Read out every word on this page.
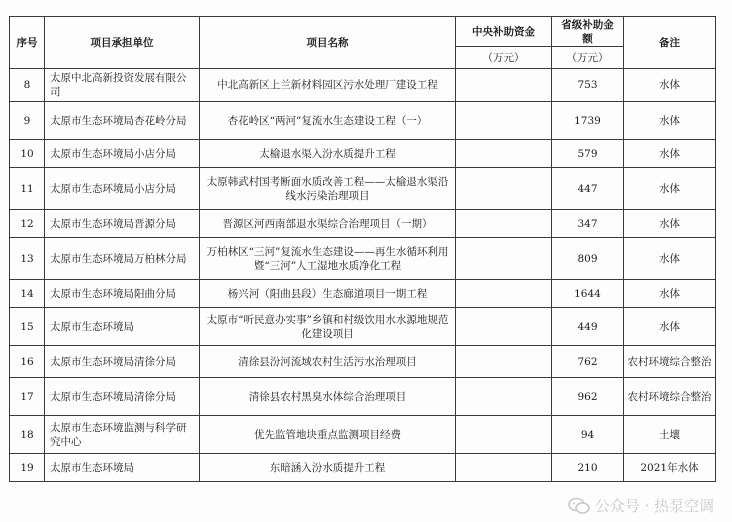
序号	项目承担单位	项目名称	中央补助资金	省级补助金额	备注
			（万元）	（万元）	
8	太原中北高新投资发展有限公司	中北高新区上兰新材料园区污水处理厂建设工程		753	水体
9	太原市生态环境局杏花岭分局	杏花岭区“两河”复流水生态建设工程（一）		1739	水体
10	太原市生态环境局小店分局	太榆退水渠入汾水质提升工程		579	水体
11	太原市生态环境局小店分局	太原韩武村国考断面水质改善工程——太榆退水渠沿线水污染治理项目		447	水体
12	太原市生态环境局晋源分局	晋源区河西南部退水渠综合治理项目（一期）		347	水体
13	太原市生态环境局万柏林分局	万柏林区“三河”复流水生态建设——再生水循环利用暨“三河”人工湿地水质净化工程		809	水体
14	太原市生态环境局阳曲分局	杨兴河（阳曲县段）生态廊道项目一期工程		1644	水体
15	太原市生态环境局	太原市“听民意办实事”乡镇和村级饮用水水源地规范化建设项目		449	水体
16	太原市生态环境局清徐分局	清徐县汾河流域农村生活污水治理项目		762	农村环境综合整治
17	太原市生态环境局清徐分局	清徐县农村黑臭水体综合治理项目		962	农村环境综合整治
18	太原市生态环境监测与科学研究中心	优先监管地块重点监测项目经费		94	土壤
19	太原市生态环境局	东暗涵入汾水质提升工程		210	2021年水体
公众号 · 热泵空调
